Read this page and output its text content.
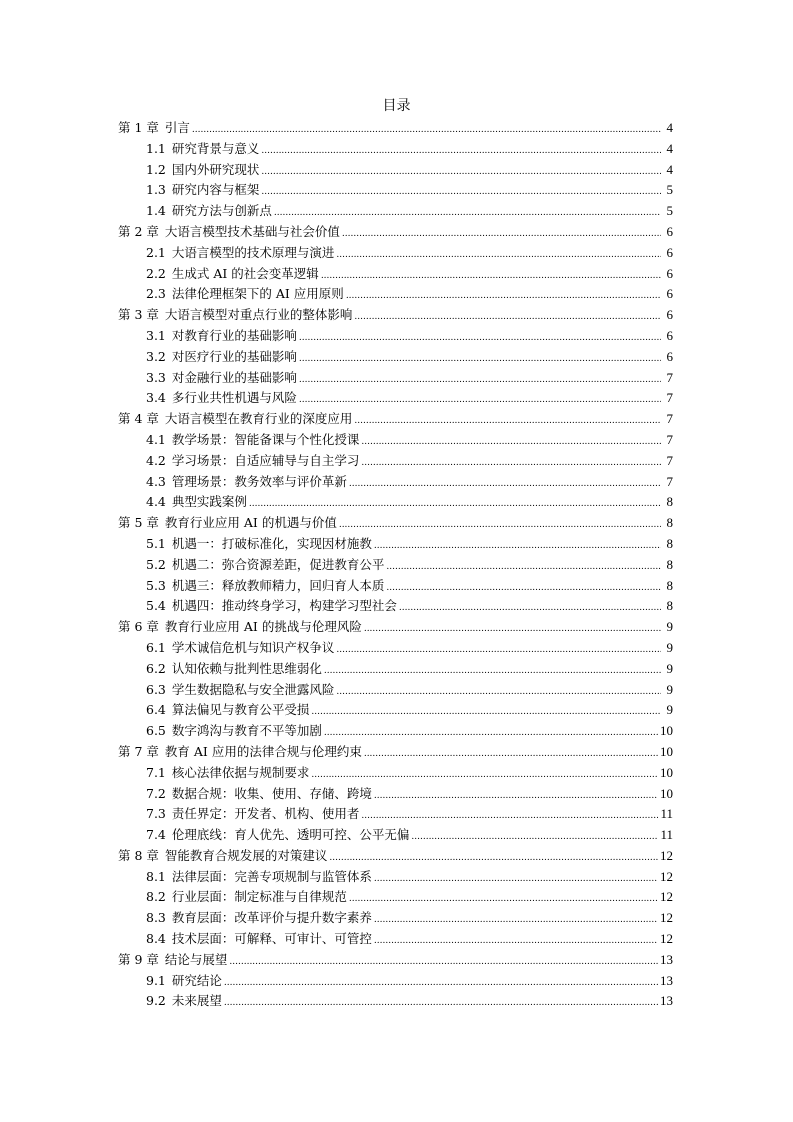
目录
第 1 章 引言 .....	4
1.1 研究背景与意义 .....	4
1.2 国内外研究现状 .....	4
1.3 研究内容与框架 .....	5
1.4 研究方法与创新点 .....	5
第 2 章 大语言模型技术基础与社会价值 .....	6
2.1 大语言模型的技术原理与演进 .....	6
2.2 生成式 AI 的社会变革逻辑 .....	6
2.3 法律伦理框架下的 AI 应用原则 .....	6
第 3 章 大语言模型对重点行业的整体影响 .....	6
3.1 对教育行业的基础影响 .....	6
3.2 对医疗行业的基础影响 .....	6
3.3 对金融行业的基础影响 .....	7
3.4 多行业共性机遇与风险 .....	7
第 4 章 大语言模型在教育行业的深度应用 .....	7
4.1 教学场景：智能备课与个性化授课 .....	7
4.2 学习场景：自适应辅导与自主学习 .....	7
4.3 管理场景：教务效率与评价革新 .....	7
4.4 典型实践案例 .....	8
第 5 章 教育行业应用 AI 的机遇与价值 .....	8
5.1 机遇一：打破标准化，实现因材施教 .....	8
5.2 机遇二：弥合资源差距，促进教育公平 .....	8
5.3 机遇三：释放教师精力，回归育人本质 .....	8
5.4 机遇四：推动终身学习，构建学习型社会 .....	8
第 6 章 教育行业应用 AI 的挑战与伦理风险 .....	9
6.1 学术诚信危机与知识产权争议 .....	9
6.2 认知依赖与批判性思维弱化 .....	9
6.3 学生数据隐私与安全泄露风险 .....	9
6.4 算法偏见与教育公平受损 .....	9
6.5 数字鸿沟与教育不平等加剧 .....	10
第 7 章 教育 AI 应用的法律合规与伦理约束 .....	10
7.1 核心法律依据与规制要求 .....	10
7.2 数据合规：收集、使用、存储、跨境 .....	10
7.3 责任界定：开发者、机构、使用者 .....	11
7.4 伦理底线：育人优先、透明可控、公平无偏 .....	11
第 8 章 智能教育合规发展的对策建议 .....	12
8.1 法律层面：完善专项规制与监管体系 .....	12
8.2 行业层面：制定标准与自律规范 .....	12
8.3 教育层面：改革评价与提升数字素养 .....	12
8.4 技术层面：可解释、可审计、可管控 .....	12
第 9 章 结论与展望 .....	13
9.1 研究结论 .....	13
9.2 未来展望 .....	13
